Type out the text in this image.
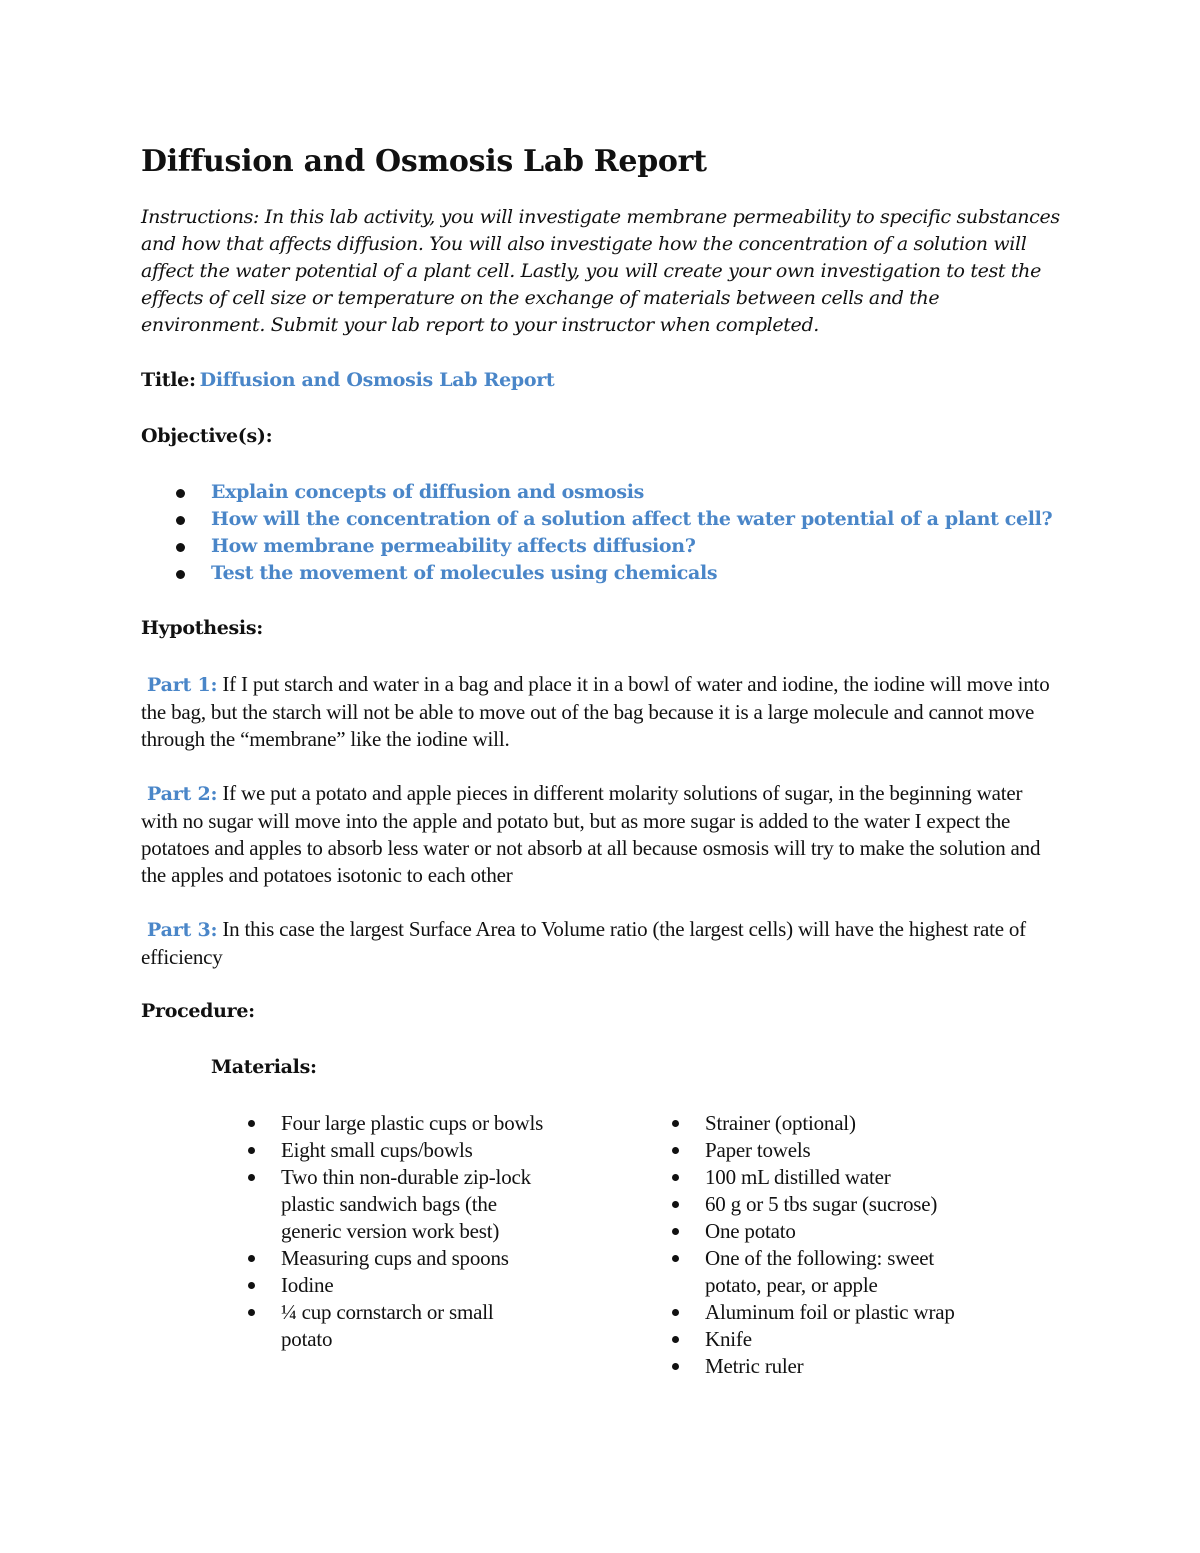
Diffusion and Osmosis Lab Report

Instructions: In this lab activity, you will investigate membrane permeability to specific substances and how that affects diffusion. You will also investigate how the concentration of a solution will affect the water potential of a plant cell. Lastly, you will create your own investigation to test the effects of cell size or temperature on the exchange of materials between cells and the environment. Submit your lab report to your instructor when completed.

Title: Diffusion and Osmosis Lab Report
Objective(s):
Explain concepts of diffusion and osmosis
How will the concentration of a solution affect the water potential of a plant cell?
How membrane permeability affects diffusion?
Test the movement of molecules using chemicals
Hypothesis:

Part 1: If I put starch and water in a bag and place it in a bowl of water and iodine, the iodine will move into the bag, but the starch will not be able to move out of the bag because it is a large molecule and cannot move through the “membrane” like the iodine will.

Part 2: If we put a potato and apple pieces in different molarity solutions of sugar, in the beginning water with no sugar will move into the apple and potato but, but as more sugar is added to the water I expect the potatoes and apples to absorb less water or not absorb at all because osmosis will try to make the solution and the apples and potatoes isotonic to each other

Part 3: In this case the largest Surface Area to Volume ratio (the largest cells) will have the highest rate of efficiency

Procedure:
Materials:
Four large plastic cups or bowls
Eight small cups/bowls
Two thin non-durable zip-lock plastic sandwich bags (the generic version work best)
Measuring cups and spoons
Iodine
¼ cup cornstarch or small potato
Strainer (optional)
Paper towels
100 mL distilled water
60 g or 5 tbs sugar (sucrose)
One potato
One of the following: sweet potato, pear, or apple
Aluminum foil or plastic wrap
Knife
Metric ruler
